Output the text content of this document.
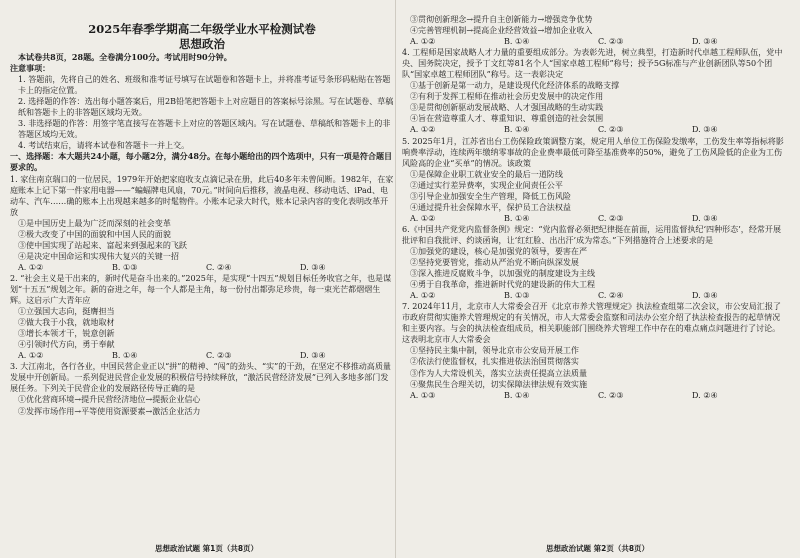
2025年春季学期高二年级学业水平检测试卷

思想政治

本试卷共8页，28题。全卷满分100分。考试用时90分钟。

注意事项：

1. 答题前，先将自己的姓名、班级和准考证号填写在试题卷和答题卡上，并将准考证号条形码粘贴在答题卡上的指定位置。

2. 选择题的作答：选出每小题答案后，用2B铅笔把答题卡上对应题目的答案标号涂黑。写在试题卷、草稿纸和答题卡上的非答题区域均无效。

3. 非选择题的作答：用签字笔直接写在答题卡上对应的答题区域内。写在试题卷、草稿纸和答题卡上的非答题区域均无效。

4. 考试结束后，请将本试卷和答题卡一并上交。

一、选择题：本大题共24小题，每小题2分，满分48分。在每小题给出的四个选项中，只有一项是符合题目要求的。

1. 家住南京瑞口的一位居民，1979年开始把家庭收支点滴记录在册，此后40多年未曾间断。1982年，在家庭账本上记下第一件家用电器——“蝙蝠牌电风扇，70元。”时间向后推移，液晶电视、移动电话、iPad、电动车、汽车……确的账本上出现越来越多的时髦物件。小账本记录大时代，账本记录内容的变化表明改革开放

①是中国历史上最为广泛而深刻的社会变革

②极大改变了中国的面貌和中国人民的面貌

③使中国实现了站起来、富起来到强起来的飞跃

④是决定中国命运和实现伟大复兴的关键一招

A. ①②	B. ①③	C. ②④	D. ③④

2. “社会主义是干出来的，新时代是奋斗出来的。”2025年，是实现“十四五”规划目标任务收官之年，也是谋划“十五五”规划之年。新的奋进之年，每一个人都是主角，每一份付出都弥足珍贵，每一束光芒都熠熠生辉。这启示广大青年应

①立强国大志向，挺膺担当

②做大我于小我，就地取材

③增长本领才干，锐意创新

④引领时代方向，勇于奉献

A. ①②	B. ①④	C. ②③	D. ③④

3. 大江南北，各行各业，中国民营企业正以“拼”的精神、“闯”的劲头、“实”的干劲，在坚定不移推动高质量发展中开创新局。一系列促进民营企业发展的积极信号持续释放，“激活民营经济发展”已列入多地多部门发展任务。下列关于民营企业的发展路径传导正确的是

①优化营商环境→提升民营经济地位→提振企业信心

②发挥市场作用→平等使用资源要素→激活企业活力

③贯彻创新理念→提升自主创新能力→增强竞争优势

④完善管理机制→提高企业经营效益→增加企业收入

A. ①②	B. ①④	C. ②③	D. ③④

4. 工程师是国家战略人才力量的重要组成部分。为表彰先进，树立典型，打造新时代卓越工程师队伍，党中央、国务院决定，授予丁文红等81名个人“国家卓越工程师”称号；授予5G标准与产业创新团队等50个团队“国家卓越工程师团队”称号。这一表彰决定

①基于创新是第一动力，是建设现代化经济体系的战略支撑

②有利于发挥工程师在推动社会历史发展中的决定作用

③是贯彻创新驱动发展战略、人才强国战略的生动实践

④旨在营造尊重人才、尊重知识、尊重创造的社会氛围

A. ①②	B. ①④	C. ②③	D. ③④

5. 2025年1月，江苏省出台工伤保险政策调整方案，规定用人单位工伤保险发缴率，工伤发生率等指标将影响费率浮动，连续两年缴纳零事故的企业费率最低可降至基准费率的50%，避免了工伤风险低的企业为工伤风险高的企业“买单”的情况。该政策

①是保障企业职工就业安全的最后一道防线

②通过实行差异费率，实现企业间责任公平

③引导企业加强安全生产管理，降低工伤风险

④通过提升社会保障水平，保护员工合法权益

A. ①②	B. ①④	C. ②③	D. ③④

6.《中国共产党党内监督条例》规定：“党内监督必须把纪律挺在前面，运用监督执纪‘四种形态’，经常开展批评和自我批评、约谈函询，让‘红红脸、出出汗’成为常态。”下列措施符合上述要求的是

①加强党的建设，核心是加强党的领导，要害在严

②坚持党要管党，推动从严治党不断向纵深发展

③深入推进反腐败斗争，以加强党的制度建设为主线

④勇于自我革命，推进新时代党的建设新的伟大工程

A. ①②	B. ①③	C. ②④	D. ③④

7. 2024年11月，北京市人大常委会召开《北京市养犬管理规定》执法检查组第二次会议，市公安局汇报了市政府贯彻实施养犬管理规定的有关情况，市人大常委会监察和司法办公室介绍了执法检查报告的起草情况和主要内容。与会的执法检查组成员，相关职能部门围绕养犬管理工作中存在的难点痛点问题进行了讨论。这表明北京市人大常委会

①坚持民主集中制，领导北京市公安局开展工作

②依法行使监督权，扎实推进依法治国贯彻落实

③作为人大常设机关，落实立法责任提高立法质量

④聚焦民生合理关切，切实保障法律法规有效实施

A. ①③	B. ①④	C. ②③	D. ②④

思想政治试题 第1页（共8页）	思想政治试题 第2页（共8页）
